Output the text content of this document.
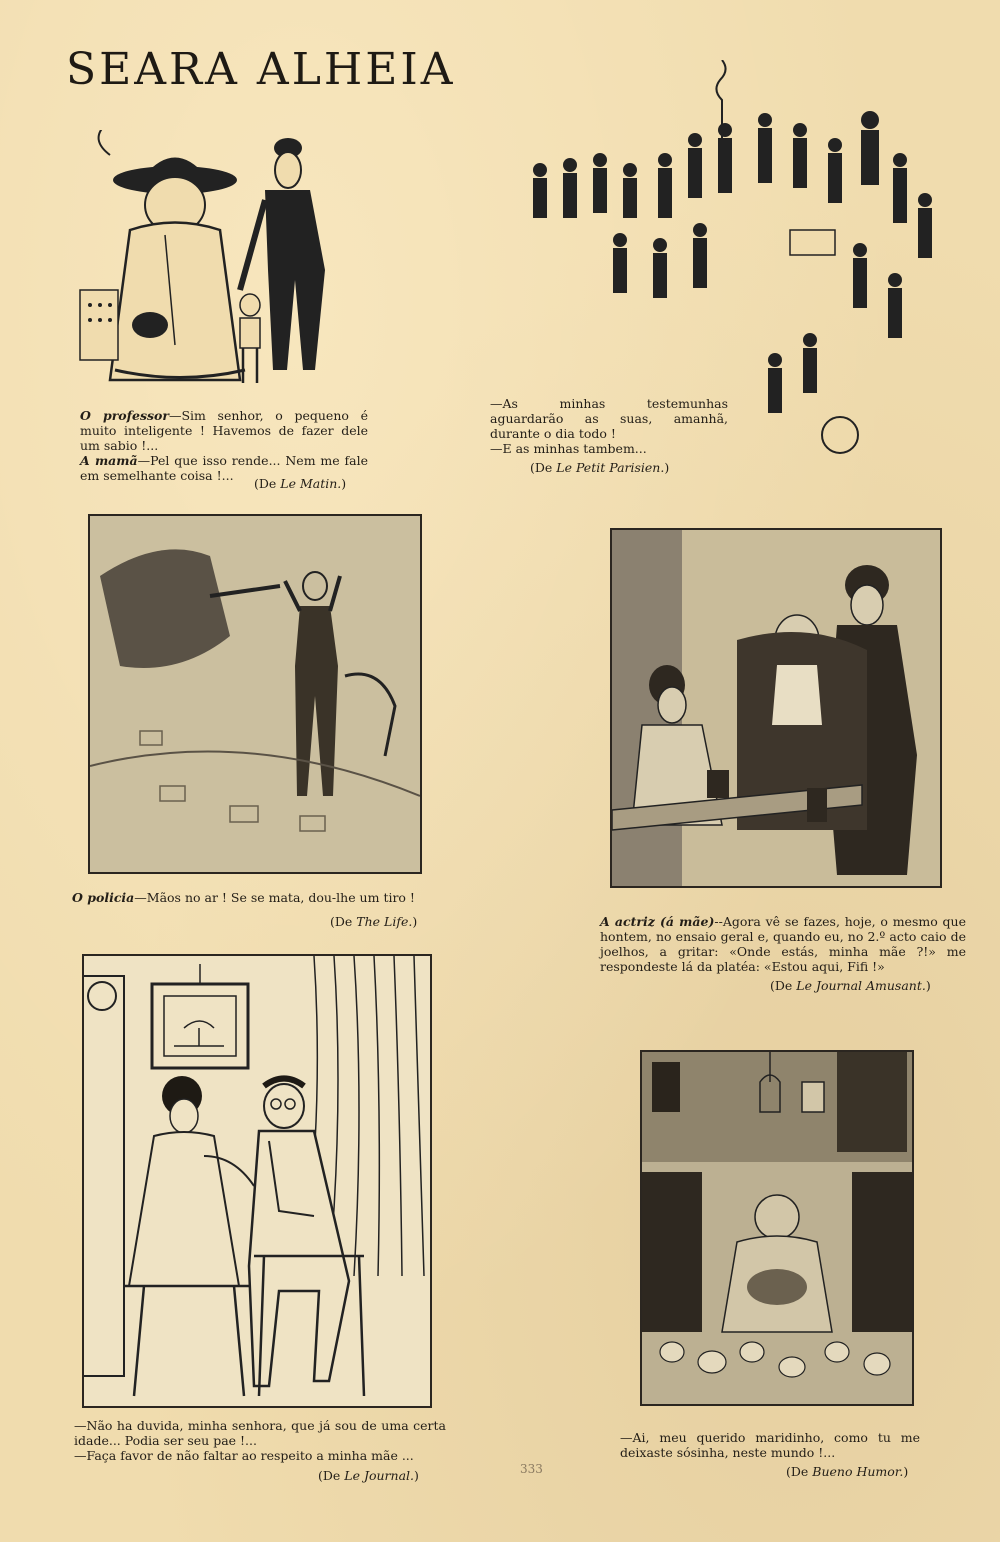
SEARA ALHEIA

O professor—Sim senhor, o pequeno é muito inteligente ! Havemos de fazer dele um sabio !...

A mamã—Pel que isso rende... Nem me fale em semelhante coisa !...

(De Le Matin.)

—As minhas testemunhas aguardarão as suas, amanhã, durante o dia todo !

—E as minhas tambem...

(De Le Petit Parisien.)

O policia—Mãos no ar ! Se se mata, dou-lhe um tiro !

(De The Life.)	A actriz (á mãe)--Agora vê se fazes, hoje, o mesmo que hontem, no ensaio geral e, quando eu, no 2.º acto caio de joelhos, a gritar: «Onde estás, minha mãe ?!» me respondeste lá da platéa: «Estou aqui, Fifi !»

(De Le Journal Amusant.)

—Não ha duvida, minha senhora, que já sou de uma certa idade... Podia ser seu pae !...

—Faça favor de não faltar ao respeito a minha mãe ...

(De Le Journal.)

—Ai, meu querido maridinho, como tu me deixaste sósinha, neste mundo !...

(De Bueno Humor.)
333
